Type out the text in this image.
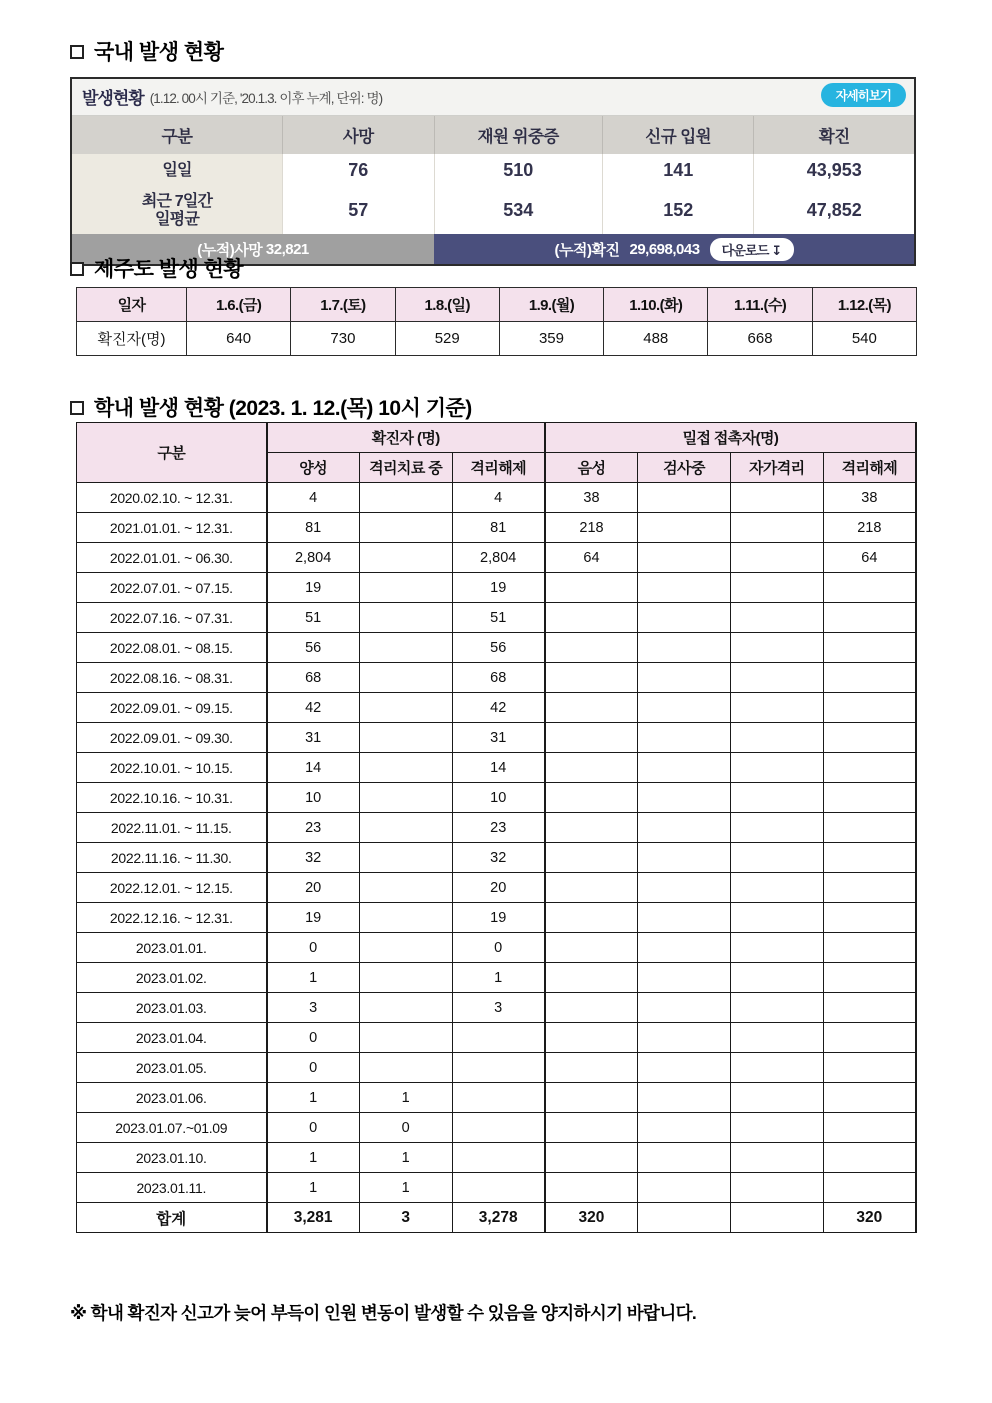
국내 발생 현황
발생현황 (1.12. 00시 기준, '20.1.3. 이후 누계, 단위: 명)	자세히보기
구분	사망	재원 위중증	신규 입원	확진
일일	76	510	141	43,953

최근 7일간
일평균	57	534	152	47,852
(누적)사망
32,821	(누적)확진 29,698,043	다운로드 ↧
제주도 발생 현황
일자	1.6.(금)	1.7.(토)	1.8.(일)	1.9.(월)	1.10.(화)	1.11.(수)	1.12.(목)
확진자(명)	640	730	529	359	488	668	540
학내 발생 현황 (2023. 1. 12.(목) 10시 기준)
구분	확진자 (명)			밀접 접촉자(명)			
	양성	격리치료 중	격리해제	음성	검사중	자가격리	격리해제
2020.02.10. ~ 12.31.	4		4	38			38
2021.01.01. ~ 12.31.	81		81	218			218
2022.01.01. ~ 06.30.	2,804		2,804	64			64
2022.07.01. ~ 07.15.	19		19				
2022.07.16. ~ 07.31.	51		51				
2022.08.01. ~ 08.15.	56		56				
2022.08.16. ~ 08.31.	68		68				
2022.09.01. ~ 09.15.	42		42				
2022.09.01. ~ 09.30.	31		31				
2022.10.01. ~ 10.15.	14		14				
2022.10.16. ~ 10.31.	10		10				
2022.11.01. ~ 11.15.	23		23				
2022.11.16. ~ 11.30.	32		32				
2022.12.01. ~ 12.15.	20		20				
2022.12.16. ~ 12.31.	19		19				
2023.01.01.	0		0				
2023.01.02.	1		1				
2023.01.03.	3		3				
2023.01.04.	0						
2023.01.05.	0						
2023.01.06.	1	1					
2023.01.07.~01.09	0	0					
2023.01.10.	1	1					
2023.01.11.	1	1					
합계	3,281	3	3,278	320			320
※ 학내 확진자 신고가 늦어 부득이 인원 변동이 발생할 수 있음을 양지하시기 바랍니다.
